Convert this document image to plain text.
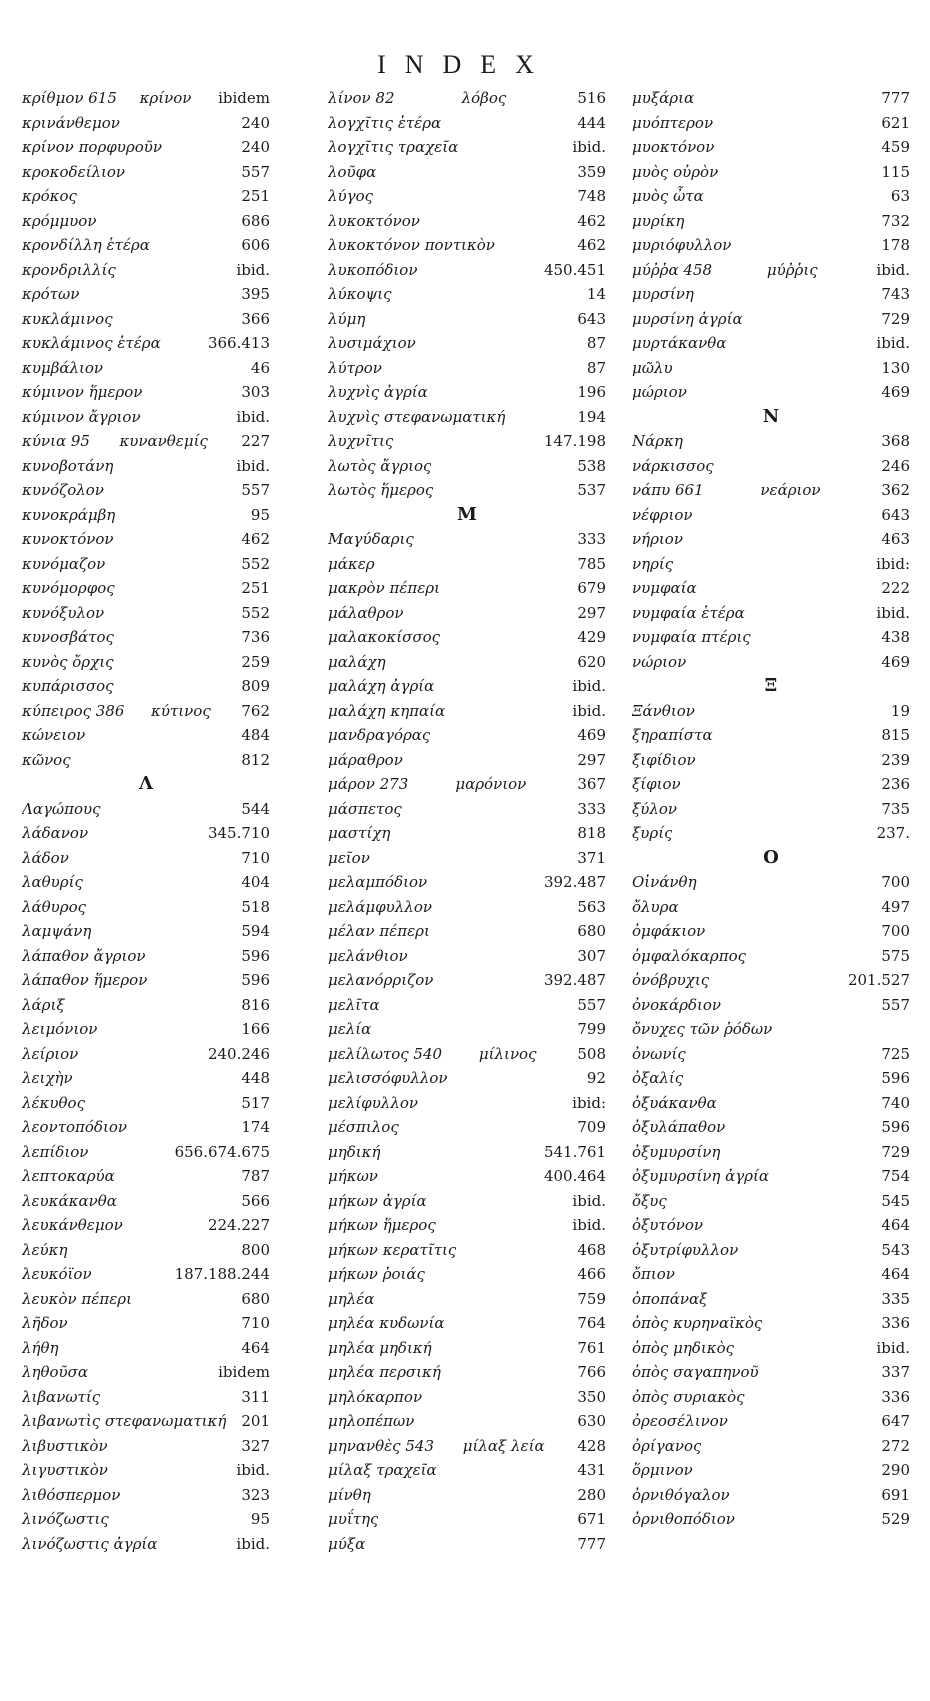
INDEX
κρίθμον 615	κρίνον	ibidem
κρινάνθεμον	240
κρίνον πορφυροῦν	240
κροκοδείλιον	557
κρόκος	251
κρόμμυον	686
κρονδίλλη ἑτέρα	606
κρονδριλλίς	ibid.
κρότων	395
κυκλάμινος	366
κυκλάμινος ἑτέρα	366.413
κυμβάλιον	46
κύμινον ἥμερον	303
κύμινον ἄγριον	ibid.
κύνια 95	κυνανθεμίς	227
κυνοβοτάνη	ibid.
κυνόζολον	557
κυνοκράμβη	95
κυνοκτόνον	462
κυνόμαζον	552
κυνόμορφος	251
κυνόξυλον	552
κυνοσβάτος	736
κυνὸς ὄρχις	259
κυπάρισσος	809
κύπειρος 386	κύτινος	762
κώνειον	484
κῶνος	812
Λ
Λαγώπους	544
λάδανον	345.710
λάδον	710
λαθυρίς	404
λάθυρος	518
λαμψάνη	594
λάπαθον ἄγριον	596
λάπαθον ἥμερον	596
λάριξ	816
λειμόνιον	166
λείριον	240.246
λειχὴν	448
λέκυθος	517
λεοντοπόδιον	174
λεπίδιον	656.674.675
λεπτοκαρύα	787
λευκάκανθα	566
λευκάνθεμον	224.227
λεύκη	800
λευκόϊον	187.188.244
λευκὸν πέπερι	680
λῆδον	710
λήθη	464
ληθοῦσα	ibidem
λιβανωτίς	311
λιβανωτὶς στεφανωματική 201
λιβυστικὸν	327
λιγυστικὸν	ibid.
λιθόσπερμον	323
λινόζωστις	95
λινόζωστις ἀγρία	ibid.
λίνον 82	λόβος	516
λογχῖτις ἑτέρα	444
λογχῖτις τραχεῖα	ibid.
λοῦφα	359
λύγος	748
λυκοκτόνον	462
λυκοκτόνον ποντικὸν	462
λυκοπόδιον	450.451
λύκοψις	14
λύμη	643
λυσιμάχιον	87
λύτρον	87
λυχνὶς ἀγρία	196
λυχνὶς στεφανωματική	194
λυχνῖτις	147.198
λωτὸς ἄγριος	538
λωτὸς ἥμερος	537
Μ
Μαγύδαρις	333
μάκερ	785
μακρὸν πέπερι	679
μάλαθρον	297
μαλακοκίσσος	429
μαλάχη	620
μαλάχη ἀγρία	ibid.
μαλάχη κηπαία	ibid.
μανδραγόρας	469
μάραθρον	297
μάρον 273	μαρόνιον	367
μάσπετος	333
μαστίχη	818
μεῖον	371
μελαμπόδιον	392.487
μελάμφυλλον	563
μέλαν πέπερι	680
μελάνθιον	307
μελανόρριζον	392.487
μελῖτα	557
μελία	799
μελίλωτος 540	μίλινος	508
μελισσόφυλλον	92
μελίφυλλον	ibid:
μέσπιλος	709
μηδική	541.761
μήκων	400.464
μήκων ἀγρία	ibid.
μήκων ἥμερος	ibid.
μήκων κερατῖτις	468
μήκων ῥοιάς	466
μηλέα	759
μηλέα κυδωνία	764
μηλέα μηδική	761
μηλέα περσική	766
μηλόκαρπον	350
μηλοπέπων	630
μηνανθὲς 543	μίλαξ λεία	428
μίλαξ τραχεῖα	431
μίνθη	280
μυΐτης	671
μύξα	777
μυξάρια	777
μυόπτερον	621
μυοκτόνον	459
μυὸς οὐρὸν	115
μυὸς ὦτα	63
μυρίκη	732
μυριόφυλλον	178
μύῤῥα 458	μύῤῥις	ibid.
μυρσίνη	743
μυρσίνη ἀγρία	729
μυρτάκανθα	ibid.
μῶλυ	130
μώριον	469
Ν
Νάρκη	368
νάρκισσος	246
νάπυ 661	νεάριον	362
νέφριον	643
νήριον	463
νηρίς	ibid:
νυμφαία	222
νυμφαία ἑτέρα	ibid.
νυμφαία πτέρις	438
νώριον	469
Ξ
Ξάνθιον	19
ξηραπίστα	815
ξιφίδιον	239
ξίφιον	236
ξύλον	735
ξυρίς	237.
Ο
Οἰνάνθη	700
ὄλυρα	497
ὀμφάκιον	700
ὀμφαλόκαρπος	575
ὀνόβρυχις	201.527
ὀνοκάρδιον	557
ὄνυχες τῶν ῥόδων
ὀνωνίς	725
ὀξαλίς	596
ὀξυάκανθα	740
ὀξυλάπαθον	596
ὀξυμυρσίνη	729
ὀξυμυρσίνη ἀγρία	754
ὄξυς	545
ὀξυτόνον	464
ὀξυτρίφυλλον	543
ὄπιον	464
ὀποπάναξ	335
ὀπὸς κυρηναϊκὸς	336
ὀπὸς μηδικὸς	ibid.
ὀπὸς σαγαπηνοῦ	337
ὀπὸς συριακὸς	336
ὀρεοσέλινον	647
ὀρίγανος	272
ὅρμινον	290
ὀρνιθόγαλον	691
ὀρνιθοπόδιον	529
